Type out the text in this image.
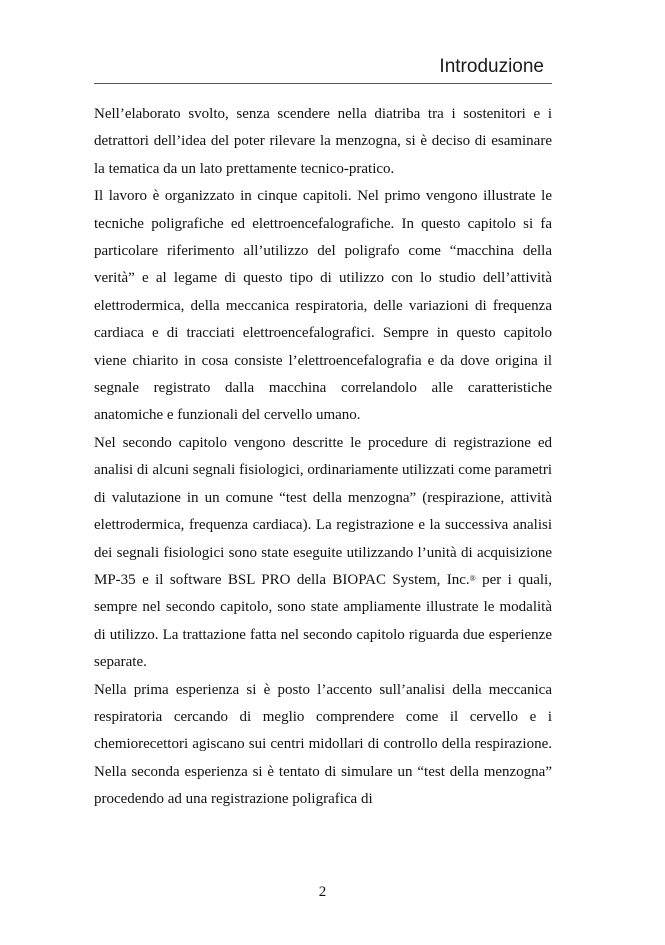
Introduzione

Nell’elaborato svolto, senza scendere nella diatriba tra i sostenitori e i detrattori dell’idea del poter rilevare la menzogna, si è deciso di esaminare la tematica da un lato prettamente tecnico-pratico.

Il lavoro è organizzato in cinque capitoli. Nel primo vengono illustrate le tecniche poligrafiche ed elettroencefalografiche. In questo capitolo si fa particolare riferimento all’utilizzo del poligrafo come “macchina della verità” e al legame di questo tipo di utilizzo con lo studio dell’attività elettrodermica, della meccanica respiratoria, delle variazioni di frequenza cardiaca e di tracciati elettroencefalografici. Sempre in questo capitolo viene chiarito in cosa consiste l’elettroencefalografia e da dove origina il segnale registrato dalla macchina correlandolo alle caratteristiche anatomiche e funzionali del cervello umano.

Nel secondo capitolo vengono descritte le procedure di registrazione ed analisi di alcuni segnali fisiologici, ordinariamente utilizzati come parametri di valutazione in un comune “test della menzogna” (respirazione, attività elettrodermica, frequenza cardiaca). La registrazione e la successiva analisi dei segnali fisiologici sono state eseguite utilizzando l’unità di acquisizione MP-35 e il software BSL PRO della BIOPAC System, Inc.® per i quali, sempre nel secondo capitolo, sono state ampliamente illustrate le modalità di utilizzo. La trattazione fatta nel secondo capitolo riguarda due esperienze separate.

Nella prima esperienza si è posto l’accento sull’analisi della meccanica respiratoria cercando di meglio comprendere come il cervello e i chemiorecettori agiscano sui centri midollari di controllo della respirazione. Nella seconda esperienza si è tentato di simulare un “test della menzogna” procedendo ad una registrazione poligrafica di

2
